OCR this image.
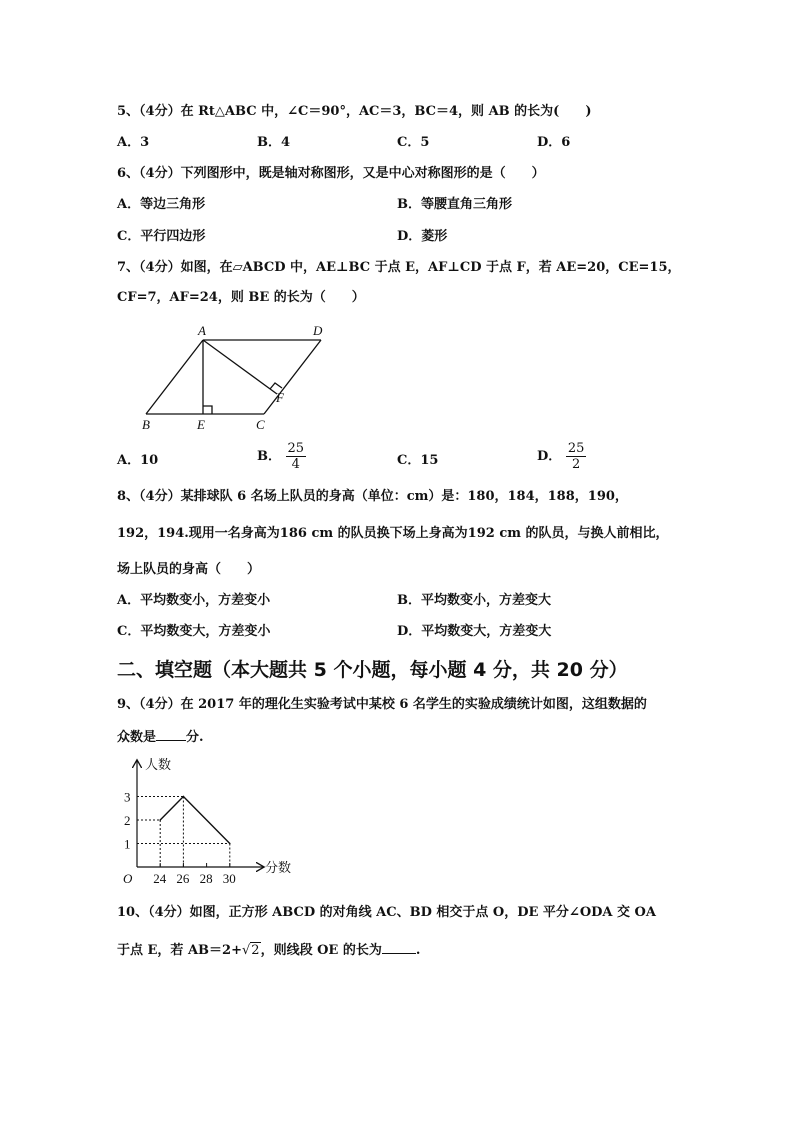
5、（4分）在 Rt△ABC 中，∠C＝90°，AC＝3，BC＝4，则 AB 的长为(　　)
A．3	B．4	C．5	D．6
6、（4分）下列图形中，既是轴对称图形，又是中心对称图形的是（　　）
A．等边三角形	B．等腰直角三角形
C．平行四边形	D．菱形
7、（4分）如图，在▱ABCD 中，AE⊥BC 于点 E，AF⊥CD 于点 F，若 AE=20，CE=15，
CF=7，AF=24，则 BE 的长为（　　）
A	D
B	E	C
F
A．10	B． $\frac{25}{4}$	C．15	D． $\frac{25}{2}$
8、（4分）某排球队 6 名场上队员的身高（单位：cm）是：180，184，188，190，
192，194.现用一名身高为186 cm 的队员换下场上身高为192 cm 的队员，与换人前相比，
场上队员的身高（　　）
A．平均数变小，方差变小	B．平均数变小，方差变大
C．平均数变大，方差变小	D．平均数变大，方差变大
二、填空题（本大题共 5 个小题，每小题 4 分，共 20 分）
9、（4分）在 2017 年的理化生实验考试中某校 6 名学生的实验成绩统计如图，这组数据的
众数是 分.
24 26 28 30
1
2
3
分数
人数
O
10、（4分）如图，正方形 ABCD 的对角线 AC、BD 相交于点 O，DE 平分∠ODA 交 OA
于点 E，若 AB＝2+√2，则线段 OE 的长为	.
